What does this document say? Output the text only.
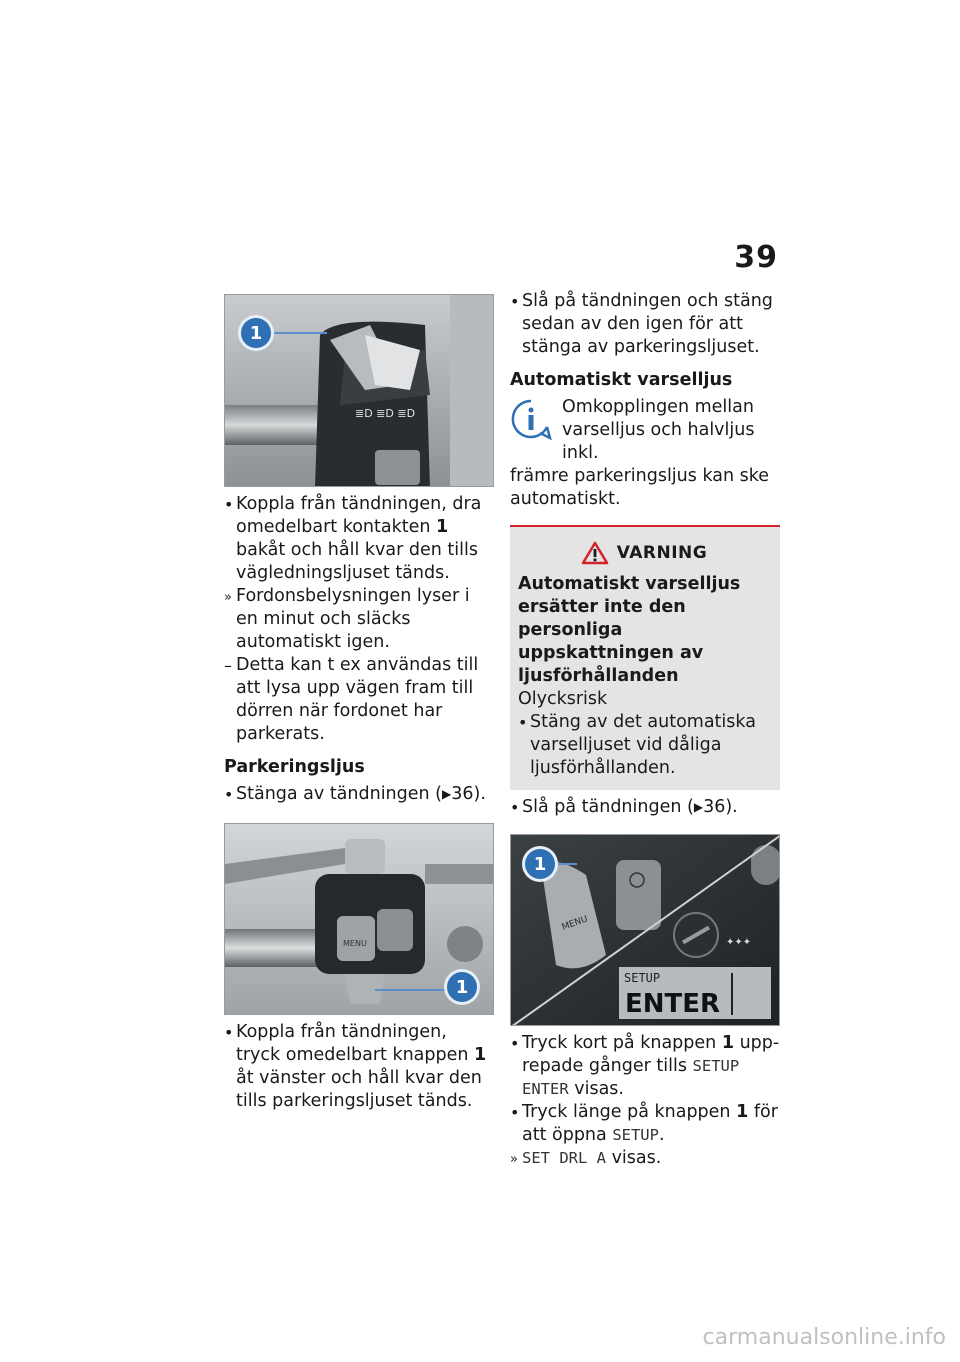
39
≣D ≣D ≣D
1
• Koppla från tändningen, dra omedelbart kontakten 1 bakåt och håll kvar den tills vägledningsljuset tänds.
» Fordonsbelysningen lyser i en minut och släcks automatiskt igen.
– Detta kan t ex användas till att lysa upp vägen fram till dörren när fordonet har parkerats.
Parkeringsljus
• Stänga av tändningen (▶36).
MENU
1
• Koppla från tändningen, tryck omedelbart knappen 1 åt vänster och håll kvar den tills parkeringsljuset tänds.
• Slå på tändningen och stäng sedan av den igen för att stänga av parkeringsljuset.
Automatiskt varselljus
Omkopplingen mellan varselljus och halvljus inkl.
främre parkeringsljus kan ske automatiskt.
VARNING
Automatiskt varselljus ersätter inte den personliga uppskattningen av ljusförhållanden
Olycksrisk
• Stäng av det automatiska varselljuset vid dåliga ljusförhållanden.
• Slå på tändningen (▶36).
MENU
✦✦✦
SETUP
ENTER
1
• Tryck kort på knappen 1 upprepade gånger tills SETUP ENTER visas.
• Tryck länge på knappen 1 för att öppna SETUP.
» SET DRL A visas.
carmanualsonline.info
